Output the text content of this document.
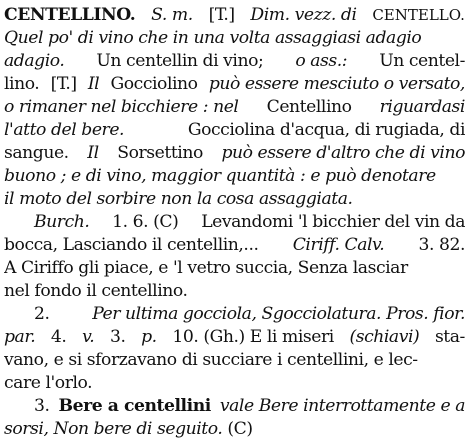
CENTELLINO. S. m. [T.] Dim. vezz. di CENTELLO.
Quel po' di vino che in una volta assaggiasi adagio
adagio. Un centellin di vino; o ass.: Un centel-
lino. [T.] Il Gocciolino può essere mesciuto o versato,
o rimaner nel bicchiere : nel Centellino riguardasi
l'atto del bere.	Gocciolina d'acqua, di rugiada, di
sangue. Il Sorsettino può essere d'altro che di vino
buono ; e di vino, maggior quantità : e può denotare
il moto del sorbire non la cosa assaggiata.
Burch. 1. 6. (C) Levandomi 'l bicchier del vin da
bocca, Lasciando il centellin,... Ciriff. Calv. 3. 82.
A Ciriffo gli piace, e 'l vetro succia, Senza lasciar
nel fondo il centellino.
2. Per ultima gocciola, Sgocciolatura. Pros. fior.
par. 4. v. 3. p. 10. (Gh.) E li miseri (schiavi) sta-
vano, e si sforzavano di succiare i centellini, e lec-
care l'orlo.
3. Bere a centellini vale Bere interrottamente e a
sorsi, Non bere di seguito. (C)
